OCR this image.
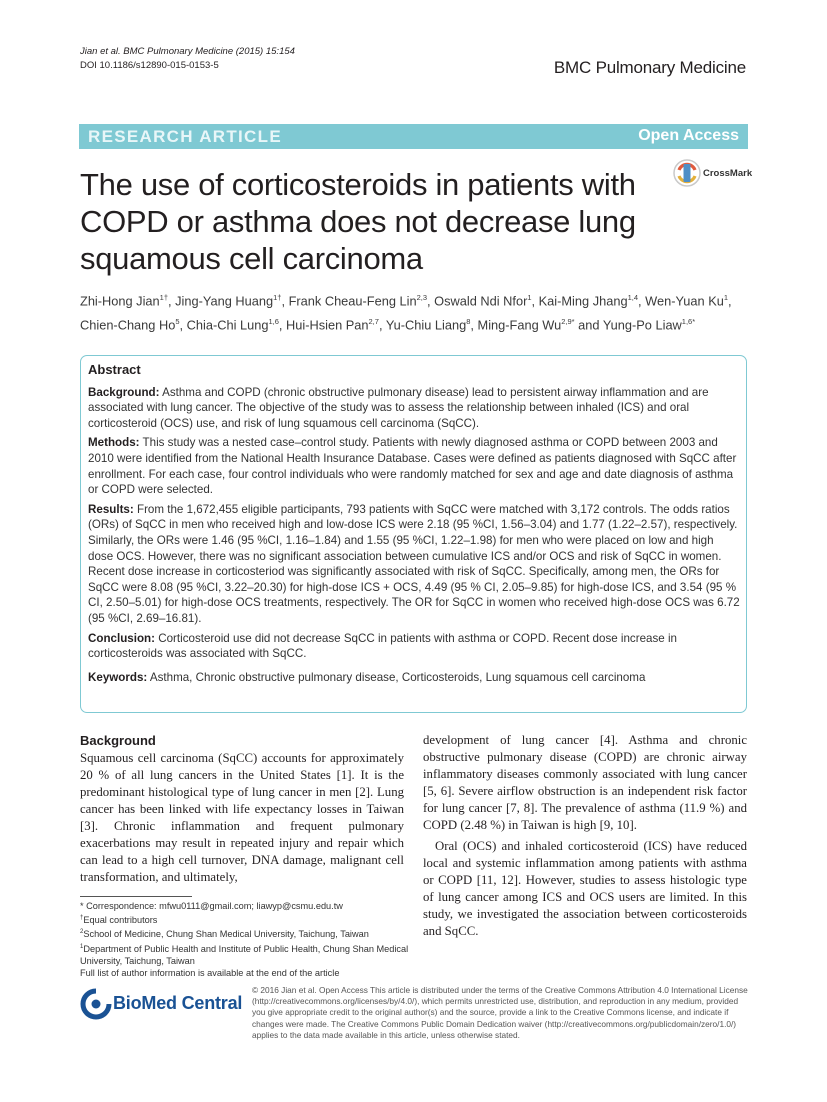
Jian et al. BMC Pulmonary Medicine (2015) 15:154
DOI 10.1186/s12890-015-0153-5	BMC Pulmonary Medicine
RESEARCH ARTICLE	Open Access
The use of corticosteroids in patients with COPD or asthma does not decrease lung squamous cell carcinoma
CrossMark
Zhi-Hong Jian$^{1\dagger}$, Jing-Yang Huang$^{1\dagger}$, Frank Cheau-Feng Lin$^{2,3}$, Oswald Ndi Nfor$^1$, Kai-Ming Jhang$^{1,4}$, Wen-Yuan Ku$^1$, Chien-Chang Ho$^5$, Chia-Chi Lung$^{1,6}$, Hui-Hsien Pan$^{2,7}$, Yu-Chiu Liang$^8$, Ming-Fang $Wu^{2,9*}$ and Yung-Po Liaw$^{1,6*}$
Abstract

Background: Asthma and COPD (chronic obstructive pulmonary disease) lead to persistent airway inflammation and are associated with lung cancer. The objective of the study was to assess the relationship between inhaled (ICS) and oral corticosteroid (OCS) use, and risk of lung squamous cell carcinoma (SqCC).

Methods: This study was a nested case–control study. Patients with newly diagnosed asthma or COPD between 2003 and 2010 were identified from the National Health Insurance Database. Cases were defined as patients diagnosed with SqCC after enrollment. For each case, four control individuals who were randomly matched for sex and age and date diagnosis of asthma or COPD were selected.

Results: From the 1,672,455 eligible participants, 793 patients with SqCC were matched with 3,172 controls. The odds ratios (ORs) of SqCC in men who received high and low-dose ICS were 2.18 (95 %CI, 1.56–3.04) and 1.77 (1.22–2.57), respectively. Similarly, the ORs were 1.46 (95 %CI, 1.16–1.84) and 1.55 (95 %CI, 1.22–1.98) for men who were placed on low and high dose OCS. However, there was no significant association between cumulative ICS and/or OCS and risk of SqCC in women. Recent dose increase in corticosteriod was significantly associated with risk of SqCC. Specifically, among men, the ORs for SqCC were 8.08 (95 %CI, 3.22–20.30) for high-dose ICS + OCS, 4.49 (95 % CI, 2.05–9.85) for high-dose ICS, and 3.54 (95 % CI, 2.50–5.01) for high-dose OCS treatments, respectively. The OR for SqCC in women who received high-dose OCS was 6.72 (95 %CI, 2.69–16.81).

Conclusion: Corticosteroid use did not decrease SqCC in patients with asthma or COPD. Recent dose increase in corticosteroids was associated with SqCC.

Keywords: Asthma, Chronic obstructive pulmonary disease, Corticosteroids, Lung squamous cell carcinoma

Background

Squamous cell carcinoma (SqCC) accounts for approximately 20 % of all lung cancers in the United States [1]. It is the predominant histological type of lung cancer in men [2]. Lung cancer has been linked with life expectancy losses in Taiwan [3]. Chronic inflammation and frequent pulmonary exacerbations may result in repeated injury and repair which can lead to a high cell turnover, DNA damage, malignant cell transformation, and ultimately,

development of lung cancer [4]. Asthma and chronic obstructive pulmonary disease (COPD) are chronic airway inflammatory diseases commonly associated with lung cancer [5, 6]. Severe airflow obstruction is an independent risk factor for lung cancer [7, 8]. The prevalence of asthma (11.9 %) and COPD (2.48 %) in Taiwan is high [9, 10].

Oral (OCS) and inhaled corticosteroid (ICS) have reduced local and systemic inflammation among patients with asthma or COPD [11, 12]. However, studies to assess histologic type of lung cancer among ICS and OCS users are limited. In this study, we investigated the association between corticosteroids and SqCC.

* Correspondence: mfwu0111@gmail.com; liawyp@csmu.edu.tw

†Equal contributors

$^2$School of Medicine, Chung Shan Medical University, Taichung, Taiwan

$^1$Department of Public Health and Institute of Public Health, Chung Shan Medical University, Taichung, Taiwan

Full list of author information is available at the end of the article

BioMed Central
© 2016 Jian et al. Open Access This article is distributed under the terms of the Creative Commons Attribution 4.0 International License (http://creativecommons.org/licenses/by/4.0/), which permits unrestricted use, distribution, and reproduction in any medium, provided you give appropriate credit to the original author(s) and the source, provide a link to the Creative Commons license, and indicate if changes were made. The Creative Commons Public Domain Dedication waiver (http://creativecommons.org/publicdomain/zero/1.0/) applies to the data made available in this article, unless otherwise stated.
